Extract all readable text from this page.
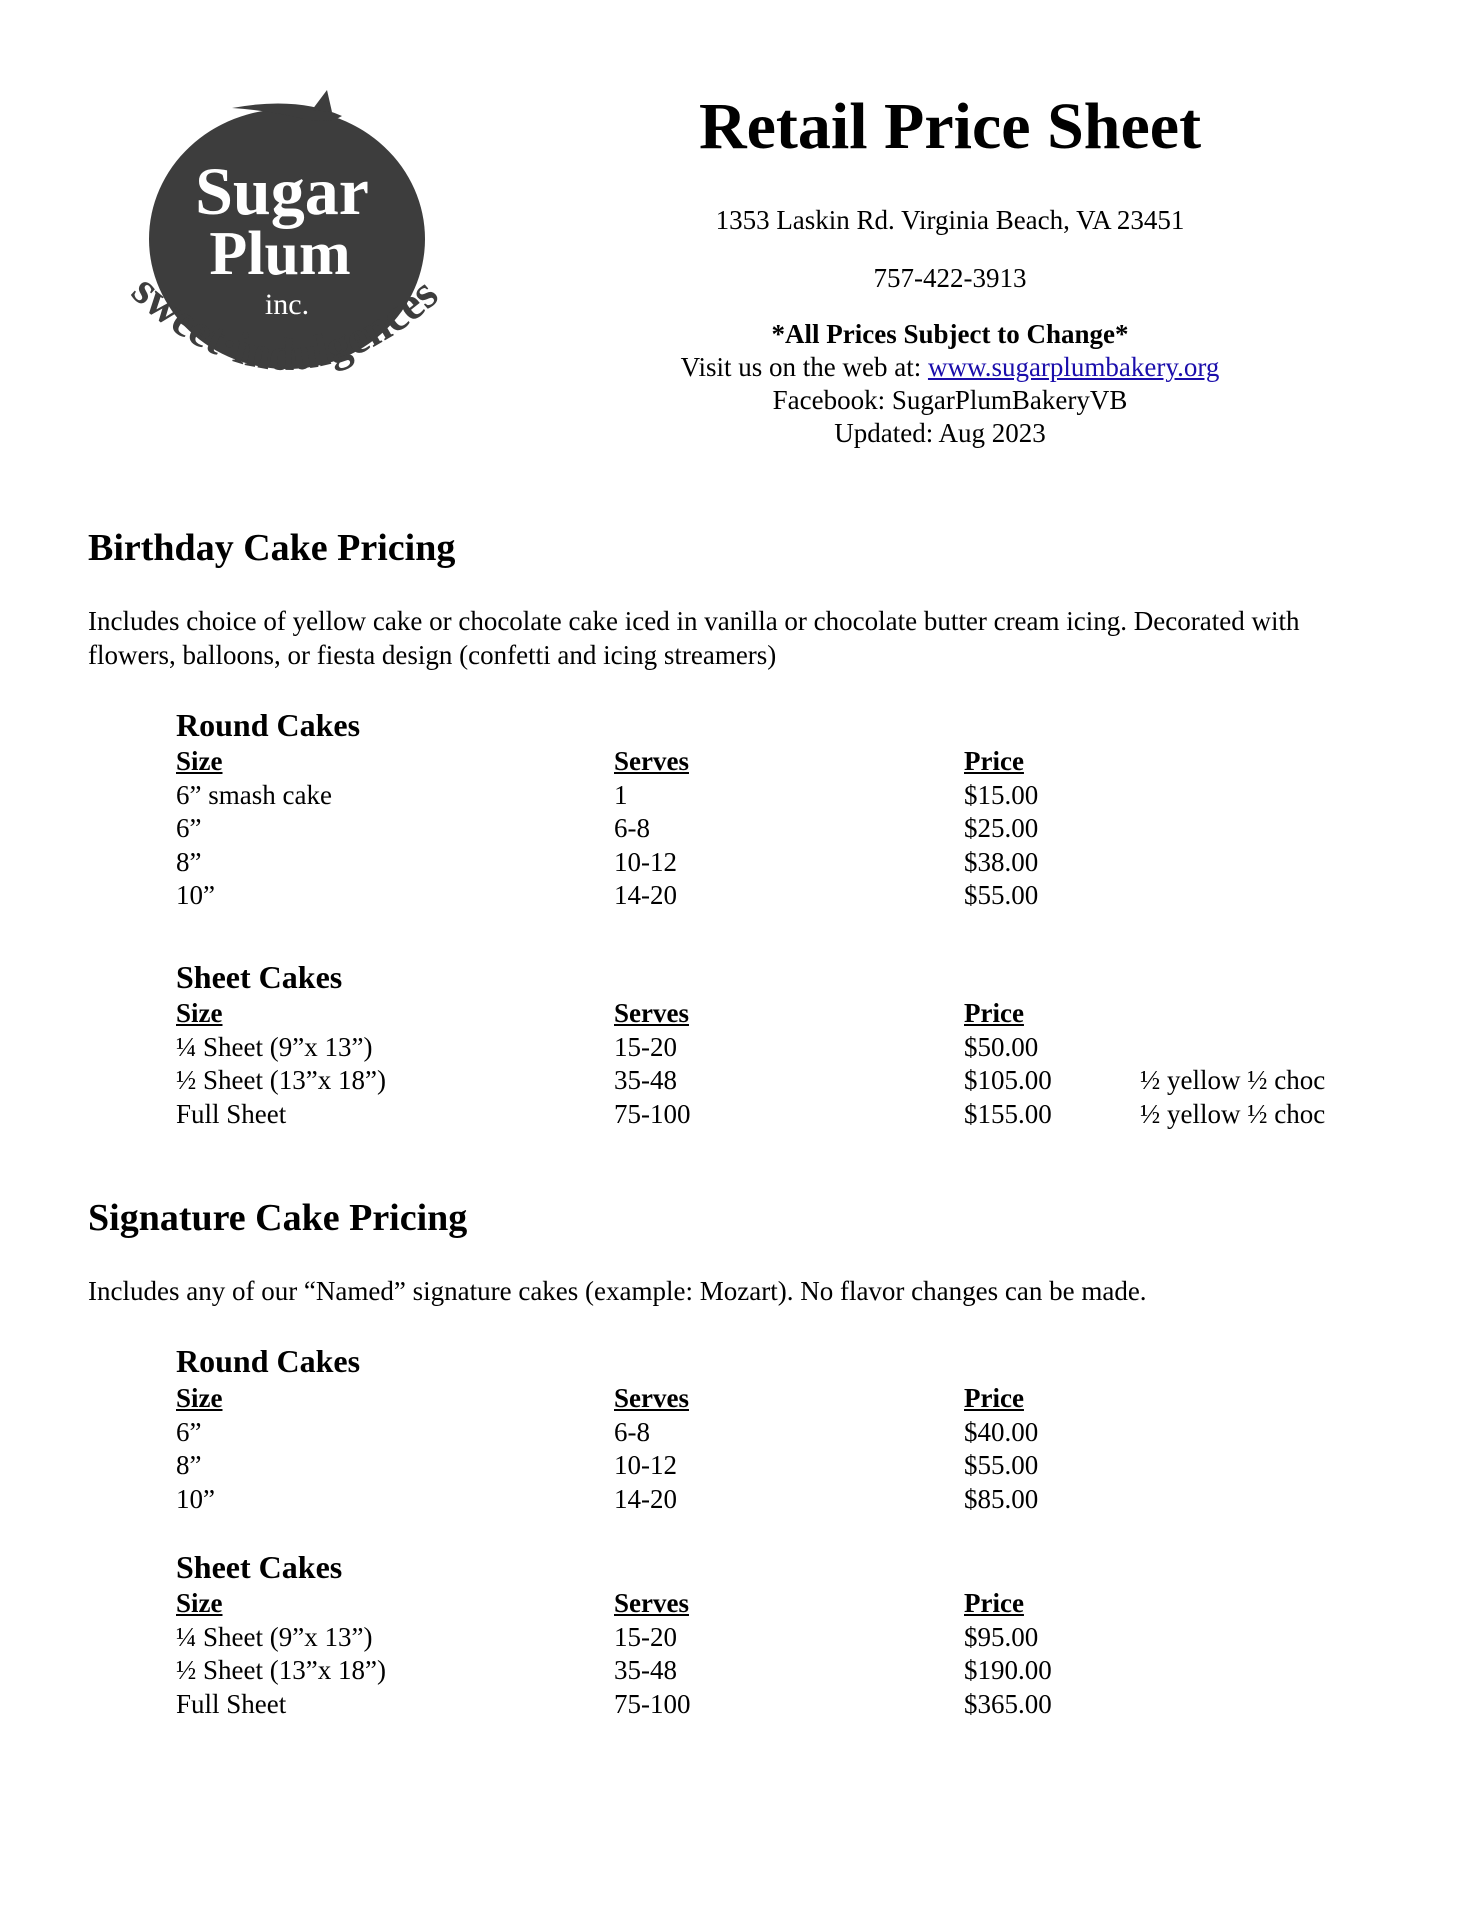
Sugar
Plum
inc.
sweet·indulgences
Retail Price Sheet
1353 Laskin Rd. Virginia Beach, VA 23451
757-422-3913
*All Prices Subject to Change*
Visit us on the web at: www.sugarplumbakery.org
Facebook: SugarPlumBakeryVB
Updated: Aug 2023
Birthday Cake Pricing
Includes choice of yellow cake or chocolate cake iced in vanilla or chocolate butter cream icing. Decorated with flowers, balloons, or fiesta design (confetti and icing streamers)
Round Cakes
Size	Serves	Price
6” smash cake	1	$15.00
6”	6-8	$25.00
8”	10-12	$38.00
10”	14-20	$55.00
Sheet Cakes
Size	Serves	Price
¼ Sheet (9”x 13”)	15-20	$50.00
½ Sheet (13”x 18”)	35-48	$105.00	½ yellow ½ choc
Full Sheet	75-100	$155.00	½ yellow ½ choc
Signature Cake Pricing
Includes any of our “Named” signature cakes (example: Mozart). No flavor changes can be made.
Round Cakes
Size	Serves	Price
6”	6-8	$40.00
8”	10-12	$55.00
10”	14-20	$85.00
Sheet Cakes
Size	Serves	Price
¼ Sheet (9”x 13”)	15-20	$95.00
½ Sheet (13”x 18”)	35-48	$190.00
Full Sheet	75-100	$365.00
